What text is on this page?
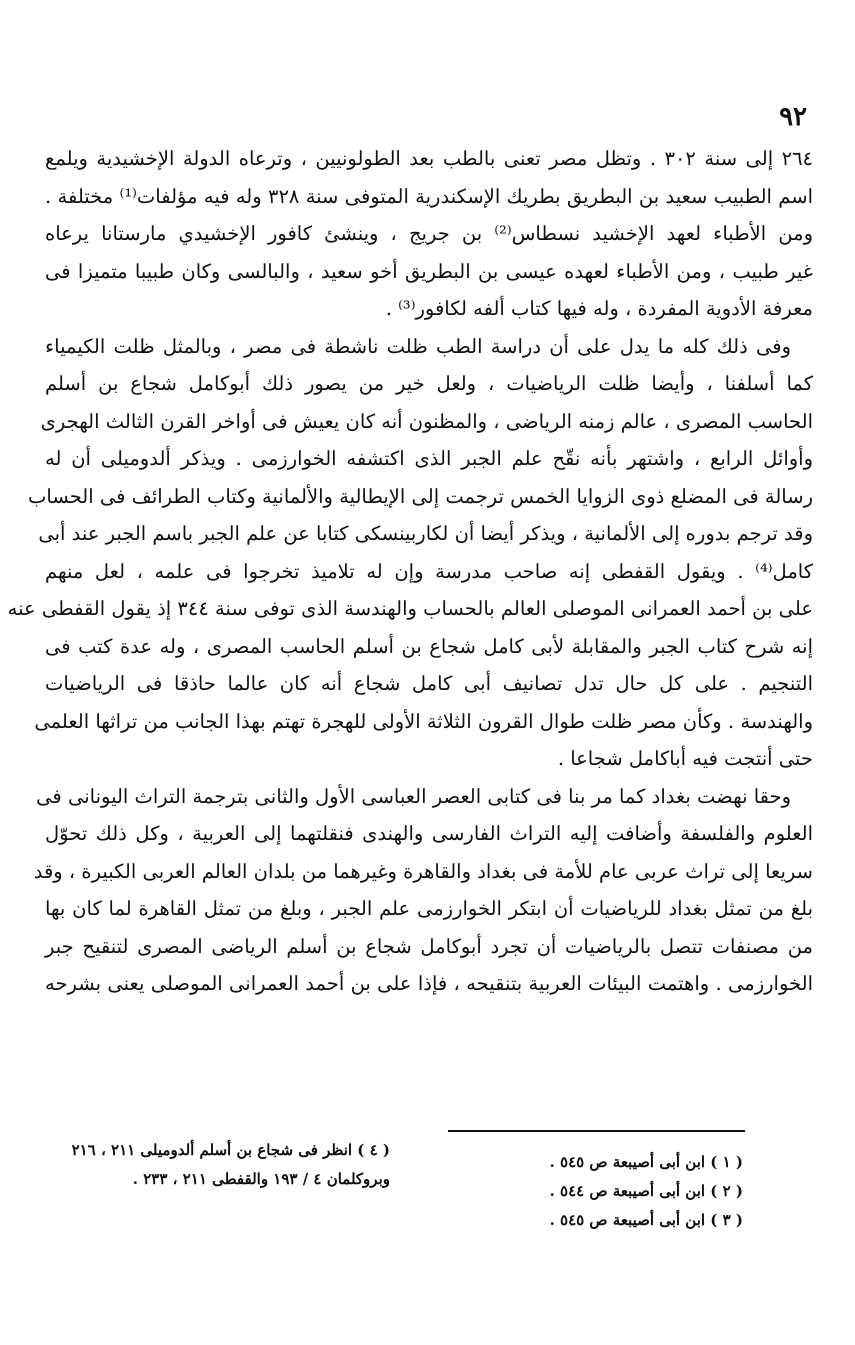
٩٢
٢٦٤ إلى سنة ٣٠٢ . وتظل مصر تعنى بالطب بعد الطولونيين ، وترعاه الدولة الإخشيدية ويلمع
اسم الطبيب سعيد بن البطريق بطريك الإسكندرية المتوفى سنة ٣٢٨ وله فيه مؤلفات⁽¹⁾ مختلفة .
ومن الأطباء لعهد الإخشيد نسطاس⁽²⁾ بن جريج ، وينشئ كافور الإخشيدي مارستانا يرعاه
غير طبيب ، ومن الأطباء لعهده عيسى بن البطريق أخو سعيد ، والبالسى وكان طبيبا متميزا فى
معرفة الأدوية المفردة ، وله فيها كتاب ألفه لكافور⁽³⁾ .
وفى ذلك كله ما يدل على أن دراسة الطب ظلت ناشطة فى مصر ، وبالمثل ظلت الكيمياء
كما أسلفنا ، وأيضا ظلت الرياضيات ، ولعل خير من يصور ذلك أبوكامل شجاع بن أسلم
الحاسب المصرى ، عالم زمنه الرياضى ، والمظنون أنه كان يعيش فى أواخر القرن الثالث الهجرى
وأوائل الرابع ، واشتهر بأنه نقّح علم الجبر الذى اكتشفه الخوارزمى . ويذكر ألدوميلى أن له
رسالة فى المضلع ذوى الزوايا الخمس ترجمت إلى الإيطالية والألمانية وكتاب الطرائف فى الحساب
وقد ترجم بدوره إلى الألمانية ، ويذكر أيضا أن لكاربينسكى كتابا عن علم الجبر باسم الجبر عند أبى
كامل⁽⁴⁾ . ويقول القفطى إنه صاحب مدرسة وإن له تلاميذ تخرجوا فى علمه ، لعل منهم
على بن أحمد العمرانى الموصلى العالم بالحساب والهندسة الذى توفى سنة ٣٤٤ إذ يقول القفطى عنه
إنه شرح كتاب الجبر والمقابلة لأبى كامل شجاع بن أسلم الحاسب المصرى ، وله عدة كتب فى
التنجيم . على كل حال تدل تصانيف أبى كامل شجاع أنه كان عالما حاذقا فى الرياضيات
والهندسة . وكأن مصر ظلت طوال القرون الثلاثة الأولى للهجرة تهتم بهذا الجانب من تراثها العلمى
حتى أنتجت فيه أباكامل شجاعا .
وحقا نهضت بغداد كما مر بنا فى كتابى العصر العباسى الأول والثانى بترجمة التراث اليونانى فى
العلوم والفلسفة وأضافت إليه التراث الفارسى والهندى فنقلتهما إلى العربية ، وكل ذلك تحوّل
سريعا إلى تراث عربى عام للأمة فى بغداد والقاهرة وغيرهما من بلدان العالم العربى الكبيرة ، وقد
بلغ من تمثل بغداد للرياضيات أن ابتكر الخوارزمى علم الجبر ، وبلغ من تمثل القاهرة لما كان بها
من مصنفات تتصل بالرياضيات أن تجرد أبوكامل شجاع بن أسلم الرياضى المصرى لتنقيح جبر
الخوارزمى . واهتمت البيئات العربية بتنقيحه ، فإذا على بن أحمد العمرانى الموصلى يعنى بشرحه
( ١ ) ابن أبى أصيبعة ص ٥٤٥ .
( ٢ ) ابن أبى أصيبعة ص ٥٤٤ .
( ٣ ) ابن أبى أصيبعة ص ٥٤٥ .
( ٤ ) انظر فى شجاع بن أسلم ألدوميلى ٢١١ ، ٢١٦
وبروكلمان ٤ / ١٩٣ والقفطى ٢١١ ، ٢٣٣ .
